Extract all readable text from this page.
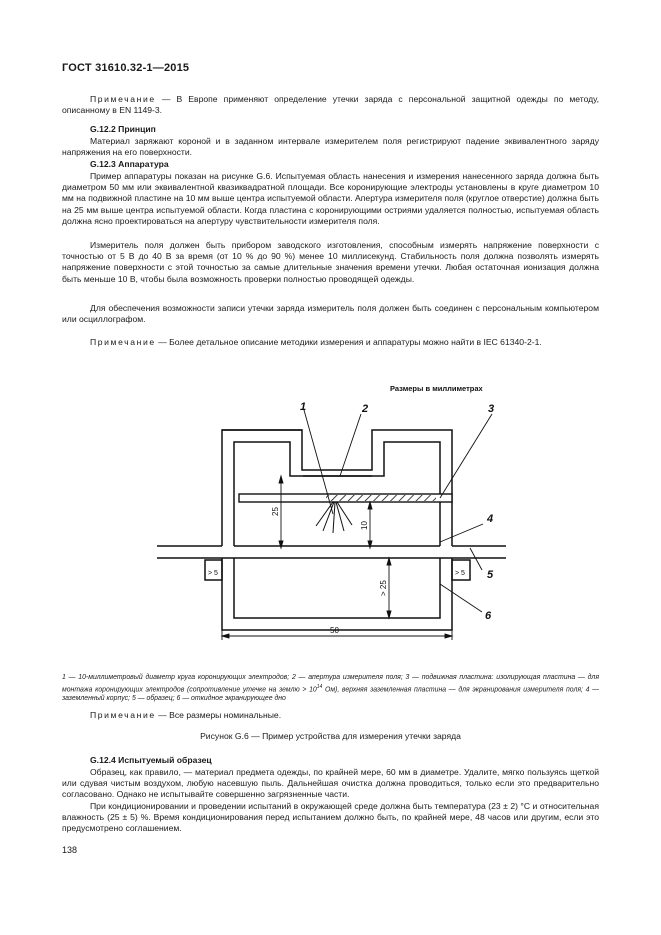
ГОСТ 31610.32-1—2015
Примечание — В Европе применяют определение утечки заряда с персональной защитной одежды по методу, описанному в EN 1149-3.
G.12.2 Принцип
Материал заряжают короной и в заданном интервале измерителем поля регистрируют падение эквивалентного заряду напряжения на его поверхности.
G.12.3 Аппаратура
Пример аппаратуры показан на рисунке G.6. Испытуемая область нанесения и измерения нанесенного заряда должна быть диаметром 50 мм или эквивалентной квазиквадратной площади. Все коронирующие электроды установлены в круге диаметром 10 мм на подвижной пластине на 10 мм выше центра испытуемой области. Апертура измерителя поля (круглое отверстие) должна быть на 25 мм выше центра испытуемой области. Когда пластина с коронирующими остриями удаляется полностью, испытуемая область должна ясно проектироваться на апертуру чувствительности измерителя поля.
Измеритель поля должен быть прибором заводского изготовления, способным измерять напряжение поверхности с точностью от 5 В до 40 В за время (от 10 % до 90 %) менее 10 миллисекунд. Стабильность поля должна позволять измерять напряжение поверхности с этой точностью за самые длительные значения времени утечки. Любая остаточная ионизация должна быть меньше 10 В, чтобы была возможность проверки полностью проводящей одежды.
Для обеспечения возможности записи утечки заряда измеритель поля должен быть соединен с персональным компьютером или осциллографом.
Примечание — Более детальное описание методики измерения и аппаратуры можно найти в IEC 61340-2-1.
Размеры в миллиметрах
1	2	3
4
5
6
25
10
> 5	> 5
> 25
50
1 — 10-миллиметровый диаметр круга коронирующих электродов; 2 — апертура измерителя поля; 3 — подвижная пластина: изолирующая пластина — для монтажа коронирующих электродов (сопротивление утечке на землю > $10^{14}$ Ом), верхняя заземленная пластина — для экранирования измерителя поля; 4 — заземленный корпус; 5 — образец; 6 — откидное экранирующее дно
Примечание — Все размеры номинальные.
Рисунок G.6 — Пример устройства для измерения утечки заряда
G.12.4 Испытуемый образец
Образец, как правило, — материал предмета одежды, по крайней мере, 60 мм в диаметре. Удалите, мягко пользуясь щеткой или сдувая чистым воздухом, любую насевшую пыль. Дальнейшая очистка должна проводиться, только если это предварительно согласовано. Однако не испытывайте совершенно загрязненные части.
При кондиционировании и проведении испытаний в окружающей среде должна быть температура (23 ± 2) °С и относительная влажность (25 ± 5) %. Время кондиционирования перед испытанием должно быть, по крайней мере, 48 часов или другим, если это предусмотрено соглашением.
138
